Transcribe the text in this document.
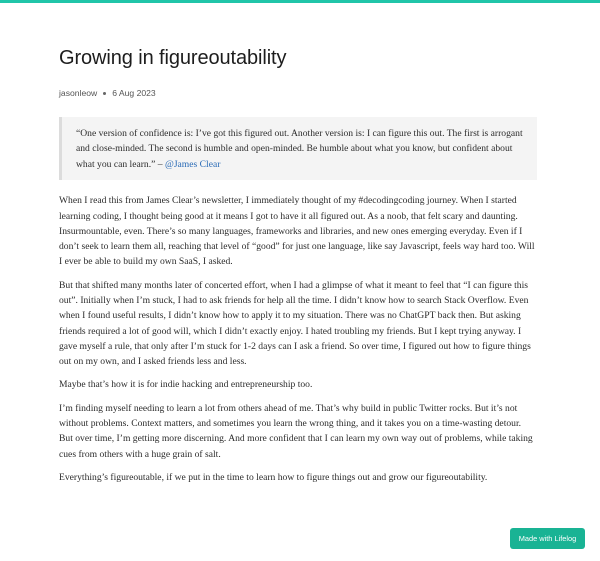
Growing in figureoutability
jasonleow 6 Aug 2023
“One version of confidence is: I’ve got this figured out. Another version is: I can figure this out. The first is arrogant and close-minded. The second is humble and open-minded. Be humble about what you know, but confident about what you can learn.” – @James Clear

When I read this from James Clear’s newsletter, I immediately thought of my #decodingcoding journey. When I started learning coding, I thought being good at it means I got to have it all figured out. As a noob, that felt scary and daunting. Insurmountable, even. There’s so many languages, frameworks and libraries, and new ones emerging everyday. Even if I don’t seek to learn them all, reaching that level of “good” for just one language, like say Javascript, feels way hard too. Will I ever be able to build my own SaaS, I asked.

But that shifted many months later of concerted effort, when I had a glimpse of what it meant to feel that “I can figure this out”. Initially when I’m stuck, I had to ask friends for help all the time. I didn’t know how to search Stack Overflow. Even when I found useful results, I didn’t know how to apply it to my situation. There was no ChatGPT back then. But asking friends required a lot of good will, which I didn’t exactly enjoy. I hated troubling my friends. But I kept trying anyway. I gave myself a rule, that only after I’m stuck for 1-2 days can I ask a friend. So over time, I figured out how to figure things out on my own, and I asked friends less and less.

Maybe that’s how it is for indie hacking and entrepreneurship too.

I’m finding myself needing to learn a lot from others ahead of me. That’s why build in public Twitter rocks. But it’s not without problems. Context matters, and sometimes you learn the wrong thing, and it takes you on a time-wasting detour. But over time, I’m getting more discerning. And more confident that I can learn my own way out of problems, while taking cues from others with a huge grain of salt.

Everything’s figureoutable, if we put in the time to learn how to figure things out and grow our figureoutability.

Made with Lifelog
